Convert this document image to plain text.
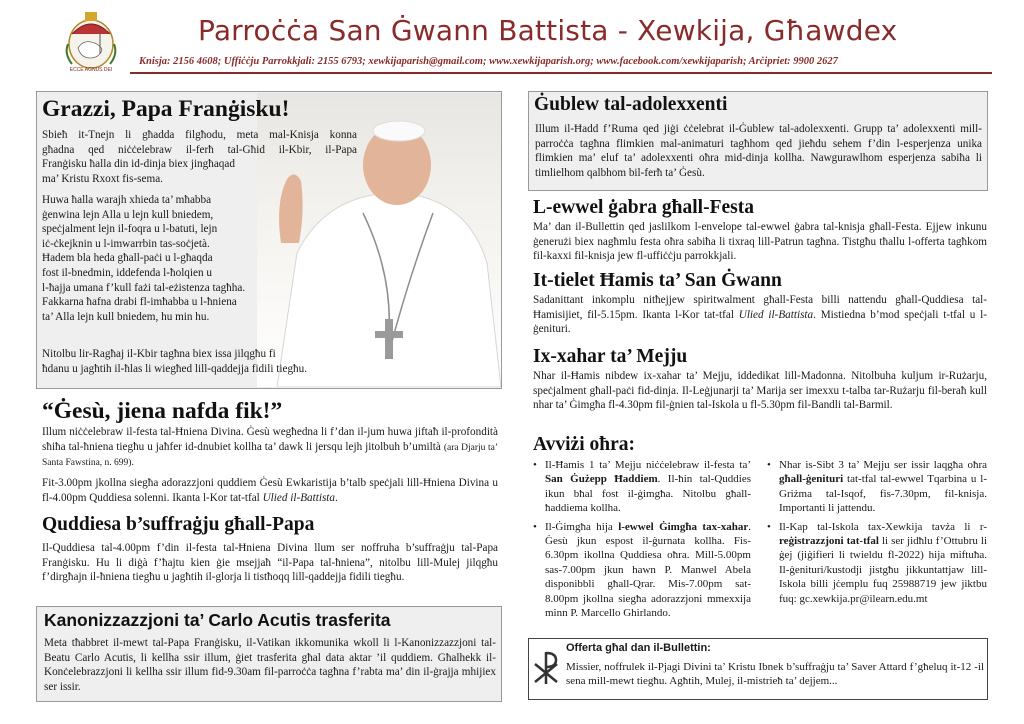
ECCE AGNUS DEI
Parroċċa San Ġwann Battista - Xewkija, Għawdex
Knisja: 2156 4608; Uffiċċju Parrokkjali: 2155 6793; xewkijaparish@gmail.com; www.xewkijaparish.org; www.facebook.com/xewkijaparish; Arċipriet: 9900 2627
Grazzi, Papa Franġisku!
Sbieħ it-Tnejn li għadda filgħodu, meta mal-Knisja konna
għadna qed niċċelebraw il-ferħ tal-Għid il-Kbir, il-Papa
Franġisku ħalla din id-dinja biex jingħaqad
ma’ Kristu Rxoxt fis-sema.
Huwa ħalla warajh xhieda ta’ mħabba
ġenwina lejn Alla u lejn kull bniedem,
speċjalment lejn il-foqra u l-batuti, lejn
iċ-ċkejknin u l-imwarrbin tas-soċjetà.
Ħadem bla heda għall-paċi u l-għaqda
fost il-bnedmin, iddefenda l-ħolqien u
l-ħajja umana f’kull fażi tal-eżistenza tagħha.
Fakkarna ħafna drabi fl-imħabba u l-ħniena
ta’ Alla lejn kull bniedem, hu min hu.
Nitolbu lir-Ragħaj il-Kbir tagħna biex issa jilqgħu fi
ħdanu u jagħtih il-ħlas li wiegħed lill-qaddejja fidili tiegħu.
“Ġesù, jiena nafda fik!”
Illum niċċelebraw il-festa tal-Ħniena Divina. Ġesù wegħedna li f’dan il-jum huwa jiftaħ il-profondità sħiħa tal-ħniena tiegħu u jaħfer id-dnubiet kollha ta’ dawk li jersqu lejh jitolbuh b’umiltà (ara Djarju ta’ Santa Fawstina, n. 699).
Fit-3.00pm jkollna siegħa adorazzjoni quddiem Ġesù Ewkaristija b’talb speċjali lill-Ħniena Divina u fl-4.00pm Quddiesa solenni. Ikanta l-Kor tat-tfal Ulied il-Battista.
Quddiesa b’suffraġju għall-Papa
Il-Quddiesa tal-4.00pm f’din il-festa tal-Ħniena Divina llum ser noffruha b’suffraġju tal-Papa Franġisku. Hu li diġà f’ħajtu kien ġie msejjaħ “il-Papa tal-ħniena”, nitolbu lill-Mulej jilqgħu f’dirgħajn il-ħniena tiegħu u jagħtih il-glorja li tistħoqq lill-qaddejja fidili tiegħu.
Kanonizzazzjoni ta’ Carlo Acutis trasferita
Meta tħabbret il-mewt tal-Papa Franġisku, il-Vatikan ikkomunika wkoll li l-Kanonizzazzjoni tal-Beatu Carlo Acutis, li kellha ssir illum, ġiet trasferita għal data aktar ’il quddiem. Għalhekk il-Konċelebrazzjoni li kellha ssir illum fid-9.30am fil-parroċċa tagħna f’rabta ma’ din il-ġrajja mhijiex ser issir.
Ġublew tal-adolexxenti
Illum il-Ħadd f’Ruma qed jiġi ċċelebrat il-Ġublew tal-adolexxenti. Grupp ta’ adolexxenti mill-parroċċa tagħna flimkien mal-animaturi tagħhom qed jieħdu sehem f’din l-esperjenza unika flimkien ma’ eluf ta’ adolexxenti oħra mid-dinja kollha. Nawgurawlhom esperjenza sabiħa li timlielhom qalbhom bil-ferħ ta’ Ġesù.
L-ewwel ġabra għall-Festa
Ma’ dan il-Bullettin qed jaslilkom l-envelope tal-ewwel ġabra tal-knisja għall-Festa. Ejjew inkunu ġenerużi biex nagħmlu festa oħra sabiħa li tixraq lill-Patrun tagħna. Tistgħu tħallu l-offerta tagħkom fil-kaxxi fil-knisja jew fl-uffiċċju parrokkjali.
It-tielet Ħamis ta’ San Ġwann
Sadanittant inkomplu nitħejjew spiritwalment għall-Festa billi nattendu għall-Quddiesa tal-Ħamisijiet, fil-5.15pm. Ikanta l-Kor tat-tfal Ulied il-Battista. Mistiedna b’mod speċjali t-tfal u l-ġenituri.
Ix-xahar ta’ Mejju
Nhar il-Ħamis nibdew ix-xahar ta’ Mejju, iddedikat lill-Madonna. Nitolbuha kuljum ir-Rużarju, speċjalment għall-paċi fid-dinja. Il-Leġjunarji ta’ Marija ser imexxu t-talba tar-Rużarju fil-beraħ kull nhar ta’ Ġimgħa fl-4.30pm fil-ġnien tal-Iskola u fl-5.30pm fil-Bandli tal-Barmil.
Avviżi oħra:
• Il-Ħamis 1 ta’ Mejju niċċelebraw il-festa ta’ San Ġużepp Ħaddiem. Il-ħin tal-Quddies ikun bħal fost il-ġimgħa. Nitolbu għall-ħaddiema kollha.
• Il-Ġimgħa hija l-ewwel Ġimgħa tax-xahar. Ġesù jkun espost il-ġurnata kollha. Fis-6.30pm ikollna Quddiesa oħra. Mill-5.00pm sas-7.00pm jkun hawn P. Manwel Abela disponibbli għall-Qrar. Mis-7.00pm sat-8.00pm jkollna siegħa adorazzjoni mmexxija minn P. Marcello Ghirlando.
• Nhar is-Sibt 3 ta’ Mejju ser issir laqgħa oħra għall-ġenituri tat-tfal tal-ewwel Tqarbina u l-Griżma tal-Isqof, fis-7.30pm, fil-knisja. Importanti li jattendu.
• Il-Kap tal-Iskola tax-Xewkija tavża li r-reġistrazzjoni tat-tfal li ser jidħlu f’Ottubru li ġej (jiġifieri li twieldu fl-2022) hija miftuħa. Il-ġenituri/kustodji jistgħu jikkuntattjaw lill-Iskola billi jċemplu fuq 25988719 jew jiktbu fuq: gc.xewkija.pr@ilearn.edu.mt
Offerta għal dan il-Bullettin:
Missier, noffrulek il-Pjagi Divini ta’ Kristu Ibnek b’suffraġju ta’ Saver Attard f’għeluq it-12 -il sena mill-mewt tiegħu. Agħtih, Mulej, il-mistrieħ ta’ dejjem...
